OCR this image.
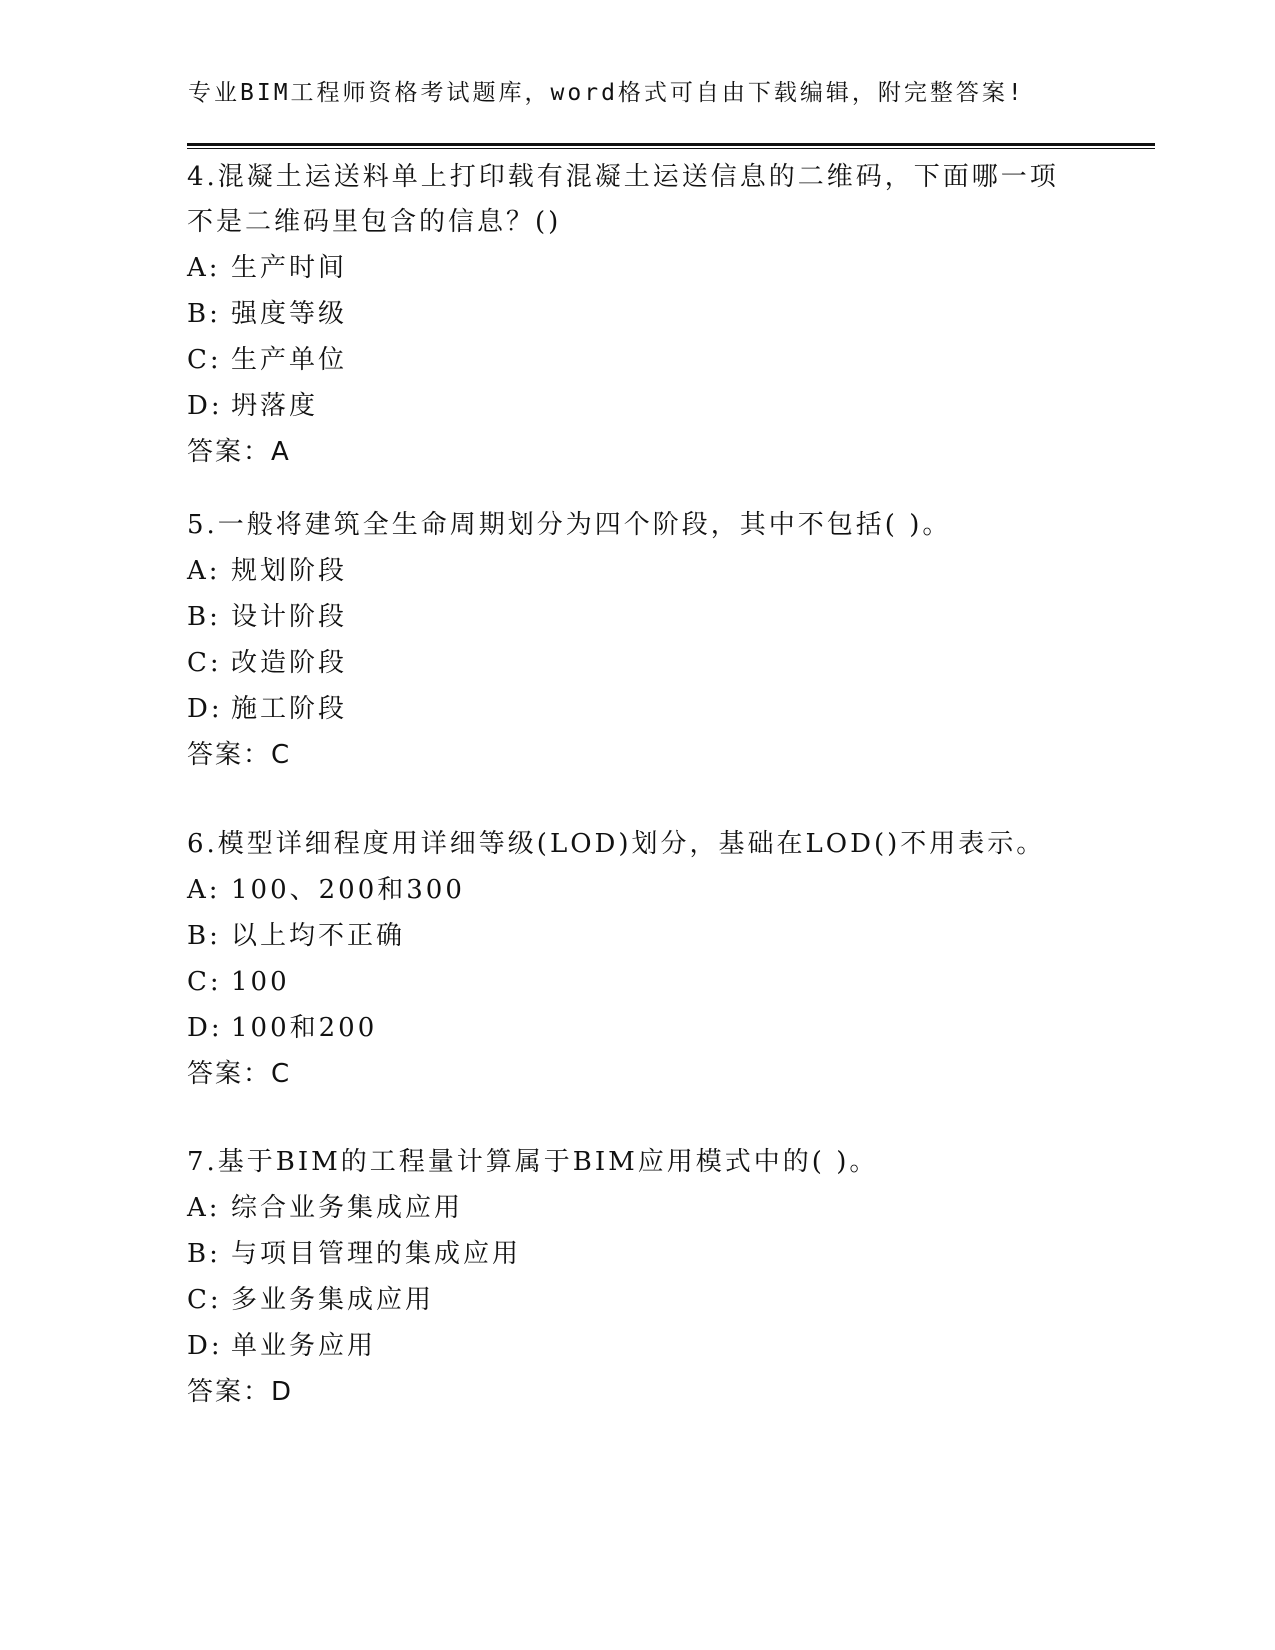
专业BIM工程师资格考试题库，word格式可自由下载编辑，附完整答案!
4.混凝土运送料单上打印载有混凝土运送信息的二维码，下面哪一项
不是二维码里包含的信息？()
A: 生产时间
B: 强度等级
C: 生产单位
D: 坍落度
答案：A
5.一般将建筑全生命周期划分为四个阶段，其中不包括( )。
A: 规划阶段
B: 设计阶段
C: 改造阶段
D: 施工阶段
答案：C
6.模型详细程度用详细等级(LOD)划分，基础在LOD()不用表示。
A: 100、200和300
B: 以上均不正确
C: 100
D: 100和200
答案：C
7.基于BIM的工程量计算属于BIM应用模式中的( )。
A: 综合业务集成应用
B: 与项目管理的集成应用
C: 多业务集成应用
D: 单业务应用
答案：D
